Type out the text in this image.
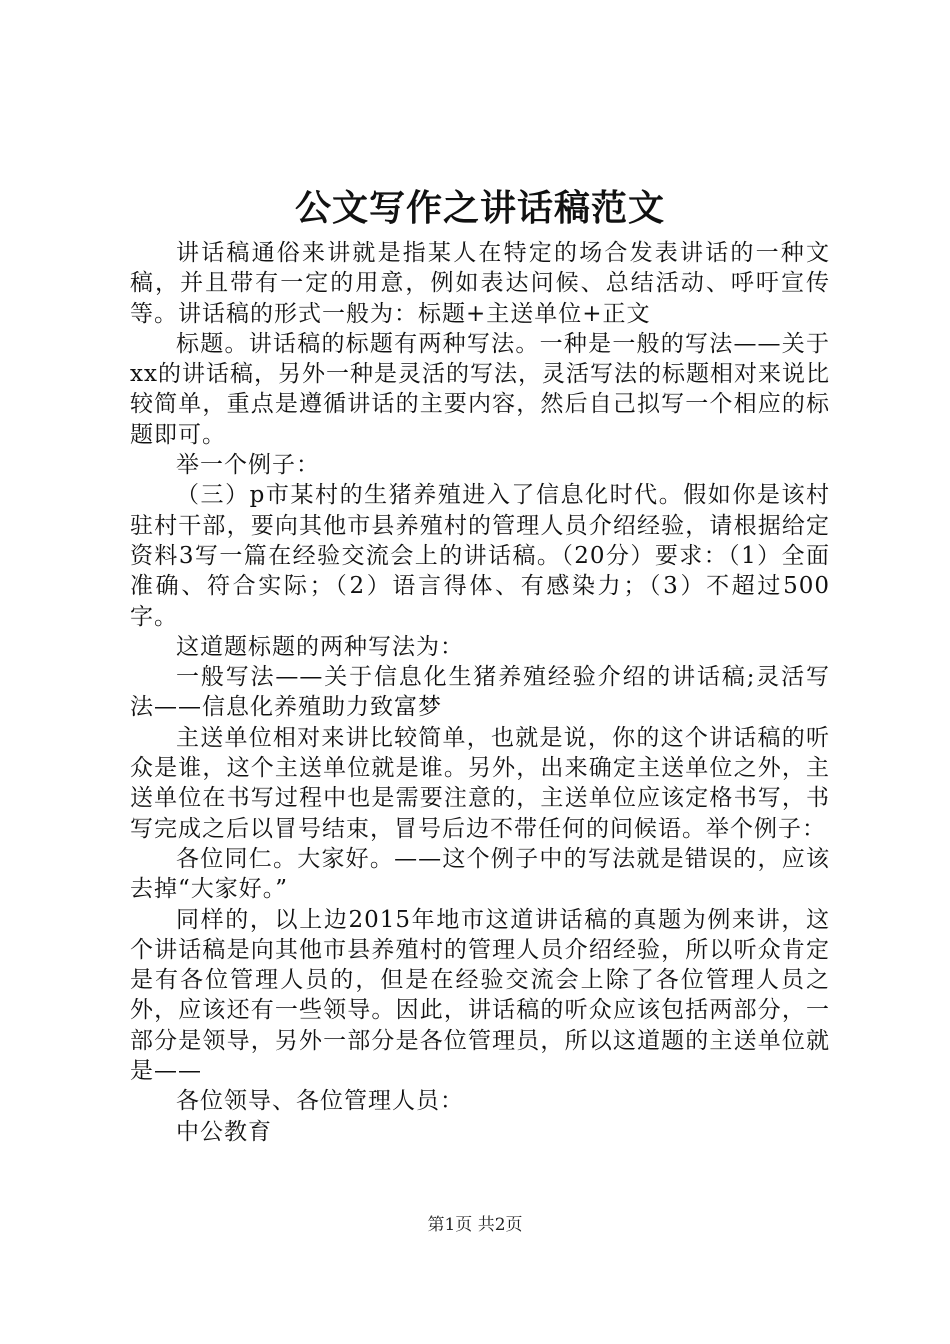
公文写作之讲话稿范文

讲话稿通俗来讲就是指某人在特定的场合发表讲话的一种文稿，并且带有一定的用意，例如表达问候、总结活动、呼吁宣传等。讲话稿的形式一般为：标题+主送单位+正文

标题。讲话稿的标题有两种写法。一种是一般的写法——关于xx的讲话稿，另外一种是灵活的写法，灵活写法的标题相对来说比较简单，重点是遵循讲话的主要内容，然后自己拟写一个相应的标题即可。

举一个例子：

（三）p市某村的生猪养殖进入了信息化时代。假如你是该村驻村干部，要向其他市县养殖村的管理人员介绍经验，请根据给定资料3写一篇在经验交流会上的讲话稿。（20分）要求：（1）全面准确、符合实际；（2）语言得体、有感染力；（3）不超过500字。

这道题标题的两种写法为：

一般写法——关于信息化生猪养殖经验介绍的讲话稿;灵活写法——信息化养殖助力致富梦

主送单位相对来讲比较简单，也就是说，你的这个讲话稿的听众是谁，这个主送单位就是谁。另外，出来确定主送单位之外，主送单位在书写过程中也是需要注意的，主送单位应该定格书写，书写完成之后以冒号结束，冒号后边不带任何的问候语。举个例子：

各位同仁。大家好。——这个例子中的写法就是错误的，应该去掉“大家好。”

同样的，以上边2015年地市这道讲话稿的真题为例来讲，这个讲话稿是向其他市县养殖村的管理人员介绍经验，所以听众肯定是有各位管理人员的，但是在经验交流会上除了各位管理人员之外，应该还有一些领导。因此，讲话稿的听众应该包括两部分，一部分是领导，另外一部分是各位管理员，所以这道题的主送单位就是——

各位领导、各位管理人员：

中公教育

第1页 共2页
